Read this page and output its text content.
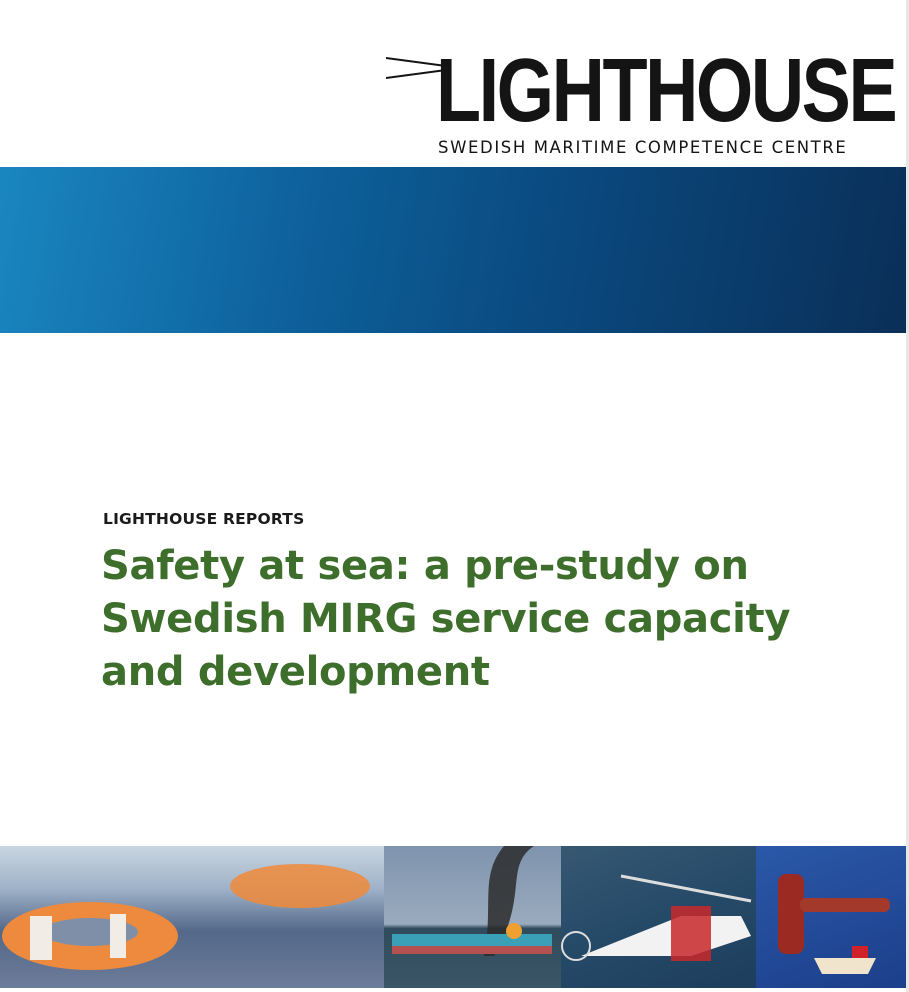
LIGHTHOUSE
SWEDISH MARITIME COMPETENCE CENTRE
LIGHTHOUSE REPORTS
Safety at sea: a pre-study on Swedish MIRG service capacity and development
